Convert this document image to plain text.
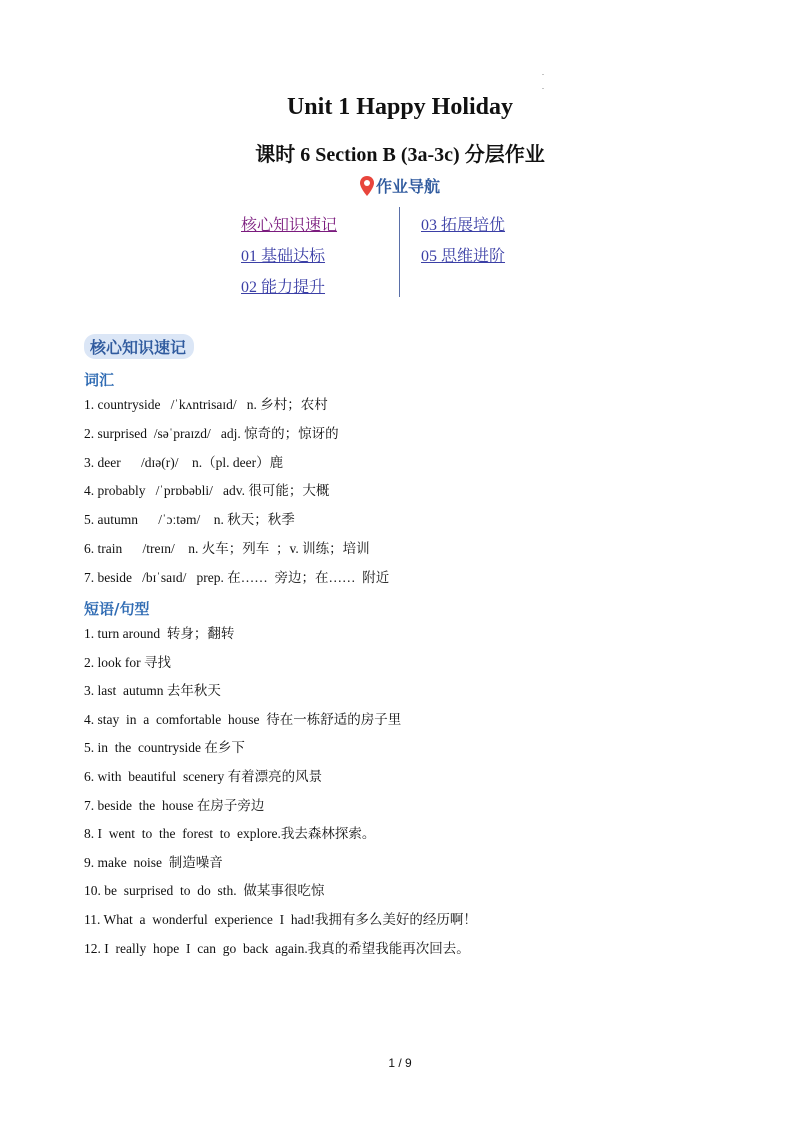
.
.
Unit 1 Happy Holiday
课时 6 Section B (3a-3c) 分层作业
作业导航
核心知识速记
01 基础达标
02 能力提升
03 拓展培优
05 思维进阶
核心知识速记
词汇
1. countryside   /ˈkʌntrisaɪd/   n. 乡村；农村
2. surprised  /səˈpraɪzd/   adj. 惊奇的；惊讶的
3. deer      /dɪə(r)/    n.（pl. deer）鹿
4. probably   /ˈprɒbəbli/   adv. 很可能；大概
5. autumn      /ˈɔːtəm/    n. 秋天；秋季
6. train      /treɪn/    n. 火车；列车  ；v. 训练；培训
7. beside   /bɪˈsaɪd/   prep. 在……  旁边；在……  附近
短语/句型
1. turn around  转身；翻转
2. look for 寻找
3. last  autumn 去年秋天
4. stay  in  a  comfortable  house  待在一栋舒适的房子里
5. in  the  countryside 在乡下
6. with  beautiful  scenery 有着漂亮的风景
7. beside  the  house 在房子旁边
8. I  went  to  the  forest  to  explore.我去森林探索。
9. make  noise  制造噪音
10. be  surprised  to  do  sth.  做某事很吃惊
11. What  a  wonderful  experience  I  had!我拥有多么美好的经历啊！
12. I  really  hope  I  can  go  back  again.我真的希望我能再次回去。
1 / 9
